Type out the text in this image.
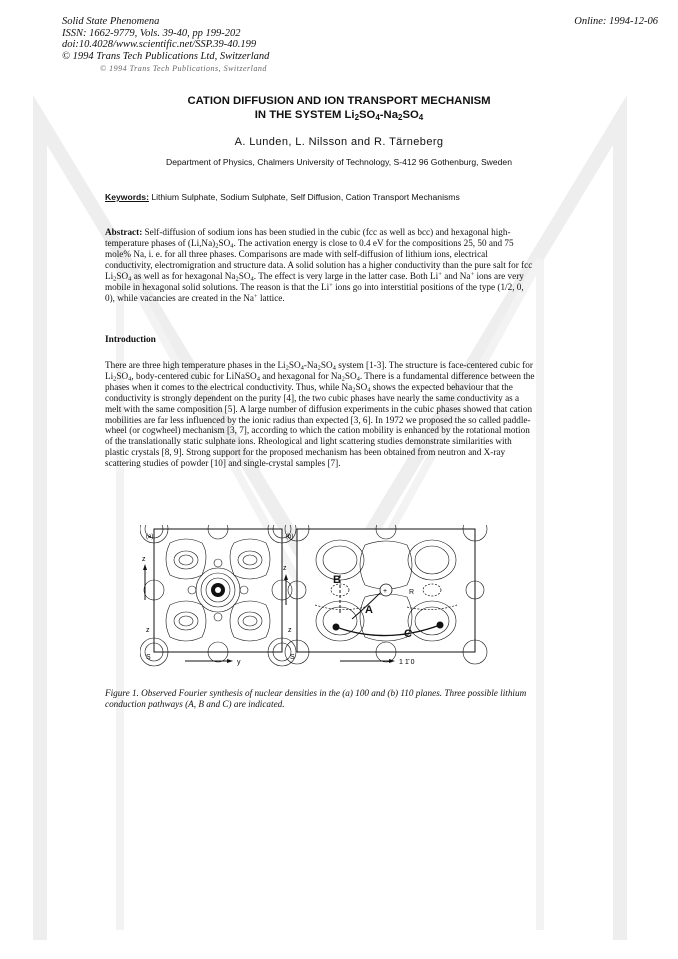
Solid State Phenomena
ISSN: 1662-9779, Vols. 39-40, pp 199-202
doi:10.4028/www.scientific.net/SSP.39-40.199
© 1994 Trans Tech Publications Ltd, Switzerland
Online: 1994-12-06
© 1994 Trans Tech Publications, Switzerland
CATION DIFFUSION AND ION TRANSPORT MECHANISM
IN THE SYSTEM $Li_2SO_4-Na_2SO_4$
A. Lunden, L. Nilsson and R. Tärneberg
Department of Physics, Chalmers University of Technology, S-412 96 Gothenburg, Sweden
Keywords: Lithium Sulphate, Sodium Sulphate, Self Diffusion, Cation Transport Mechanisms
Abstract: Self-diffusion of sodium ions has been studied in the cubic (fcc as well as bcc) and hexagonal high-temperature phases of $(Li,Na)_2SO_4$. The activation energy is close to 0.4 eV for the compositions 25, 50 and 75 mole% Na, i. e. for all three phases. Comparisons are made with self-diffusion of lithium ions, electrical conductivity, electromigration and structure data. A solid solution has a higher conductivity than the pure salt for fcc $Li_2SO_4$ as well as for hexagonal $Na_2SO_4$. The effect is very large in the latter case. Both Li+ and Na+ ions are very mobile in hexagonal solid solutions. The reason is that the Li+ ions go into interstitial positions of the type (1/2, 0, 0), while vacancies are created in the Na+ lattice.
Introduction
There are three high temperature phases in the $Li_2SO_4-Na_2SO_4$ system [1-3]. The structure is face-centered cubic for $Li_2SO_4$, body-centered cubic for LiNaSO$_4$ and hexagonal for $Na_2SO_4$. There is a fundamental difference between the phases when it comes to the electrical conductivity. Thus, while $Na_2SO_4$ shows the expected behaviour that the conductivity is strongly dependent on the purity [4], the two cubic phases have nearly the same conductivity as a melt with the same composition [5]. A large number of diffusion experiments in the cubic phases showed that cation mobilities are far less influenced by the ionic radius than expected [3, 6]. In 1972 we proposed the so called paddle-wheel (or cogwheel) mechanism [3, 7], according to which the cation mobility is enhanced by the rotational motion of the translationally static sulphate ions. Rheological and light scattering studies demonstrate similarities with plastic crystals [8, 9]. Strong support for the proposed mechanism has been obtained from neutron and X-ray scattering studies of powder [10] and single-crystal samples [7].
(a)
z
z
S
y
(b)
z
z
S
1 1̄ 0
+
B
A
C
R
Figure 1. Observed Fourier synthesis of nuclear densities in the (a) 100 and (b) 110 planes. Three possible lithium conduction pathways (A, B and C) are indicated.
